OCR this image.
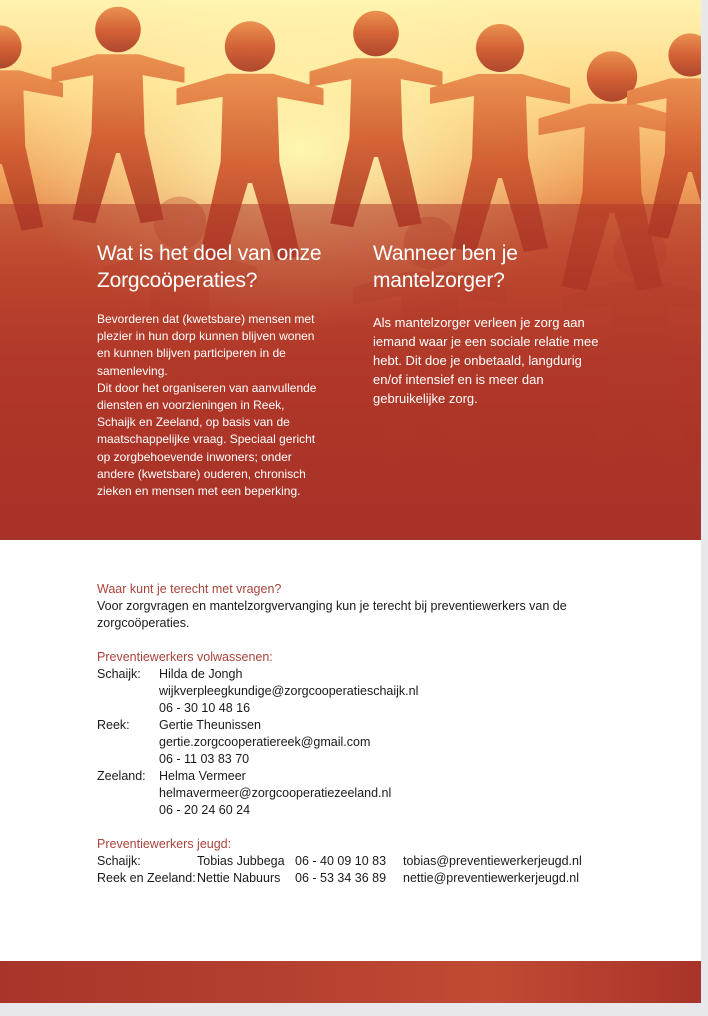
Wat is het doel van onze
Zorgcoöperaties?

Bevorderen dat (kwetsbare) mensen met
plezier in hun dorp kunnen blijven wonen
en kunnen blijven participeren in de
samenleving.
Dit door het organiseren van aanvullende
diensten en voorzieningen in Reek,
Schaijk en Zeeland, op basis van de
maatschappelijke vraag. Speciaal gericht
op zorgbehoevende inwoners; onder
andere (kwetsbare) ouderen, chronisch
zieken en mensen met een beperking.

Wanneer ben je
mantelzorger?

Als mantelzorger verleen je zorg aan
iemand waar je een sociale relatie mee
hebt. Dit doe je onbetaald, langdurig
en/of intensief en is meer dan
gebruikelijke zorg.

Waar kunt je terecht met vragen?
Voor zorgvragen en mantelzorgvervanging kun je terecht bij preventiewerkers van de
zorgcoöperaties.
Preventiewerkers volwassenen:
Schaijk:	Hilda de Jongh
wijkverpleegkundige@zorgcooperatieschaijk.nl
06 - 30 10 48 16
Reek:	Gertie Theunissen
gertie.zorgcooperatiereek@gmail.com
06 - 11 03 83 70
Zeeland:	Helma Vermeer
helmavermeer@zorgcooperatiezeeland.nl
06 - 20 24 60 24
Preventiewerkers jeugd:
Schaijk:	Tobias Jubbega 06 - 40 09 10 83	tobias@preventiewerkerjeugd.nl
Reek en Zeeland: Nettie Nabuurs	06 - 53 34 36 89	nettie@preventiewerkerjeugd.nl
